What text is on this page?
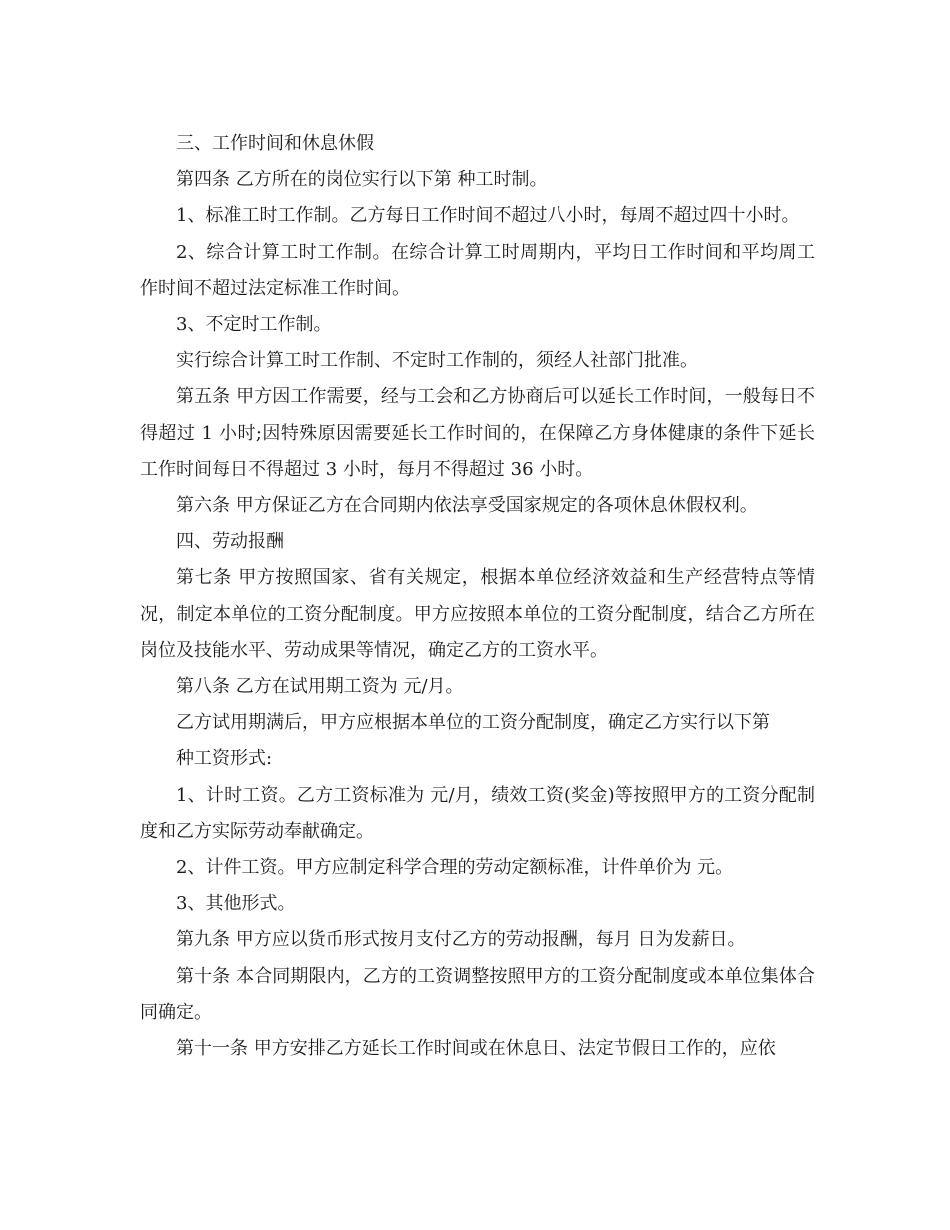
三、工作时间和休息休假

第四条 乙方所在的岗位实行以下第 种工时制。

1、标准工时工作制。乙方每日工作时间不超过八小时，每周不超过四十小时。

2、综合计算工时工作制。在综合计算工时周期内，平均日工作时间和平均周工作时间不超过法定标准工作时间。

3、不定时工作制。

实行综合计算工时工作制、不定时工作制的，须经人社部门批准。

第五条 甲方因工作需要，经与工会和乙方协商后可以延长工作时间，一般每日不得超过 1 小时;因特殊原因需要延长工作时间的，在保障乙方身体健康的条件下延长工作时间每日不得超过 3 小时，每月不得超过 36 小时。

第六条 甲方保证乙方在合同期内依法享受国家规定的各项休息休假权利。

四、劳动报酬

第七条 甲方按照国家、省有关规定，根据本单位经济效益和生产经营特点等情况，制定本单位的工资分配制度。甲方应按照本单位的工资分配制度，结合乙方所在岗位及技能水平、劳动成果等情况，确定乙方的工资水平。

第八条 乙方在试用期工资为 元/月。

乙方试用期满后，甲方应根据本单位的工资分配制度，确定乙方实行以下第

种工资形式:

1、计时工资。乙方工资标准为 元/月，绩效工资(奖金)等按照甲方的工资分配制度和乙方实际劳动奉献确定。

2、计件工资。甲方应制定科学合理的劳动定额标准，计件单价为 元。

3、其他形式。

第九条 甲方应以货币形式按月支付乙方的劳动报酬，每月 日为发薪日。

第十条 本合同期限内，乙方的工资调整按照甲方的工资分配制度或本单位集体合同确定。

第十一条 甲方安排乙方延长工作时间或在休息日、法定节假日工作的，应依
